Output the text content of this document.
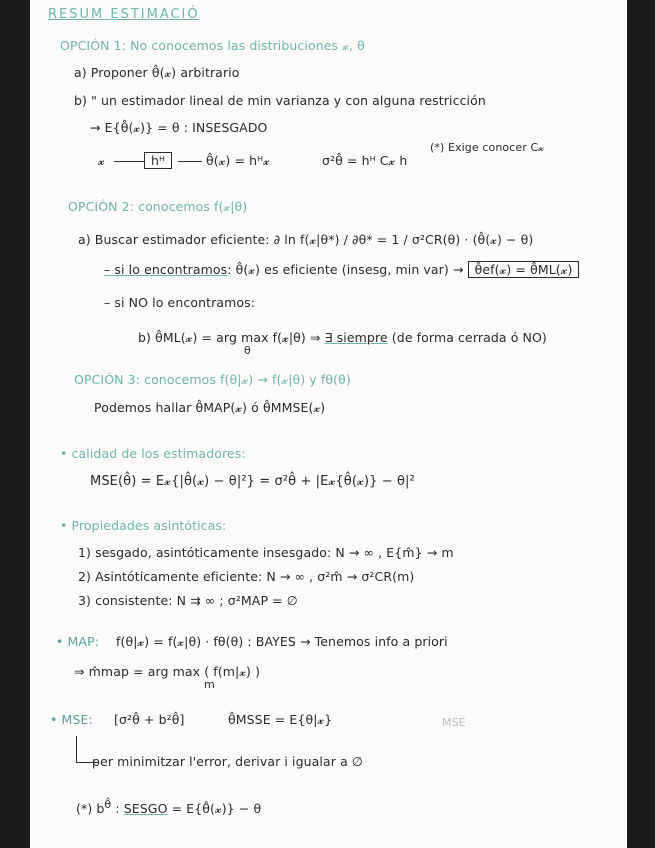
RESUM ESTIMACIÓ
OPCIÓN 1: No conocemos las distribuciones 𝔁, θ
a) Proponer θ̂(𝔁) arbitrario
b) " un estimador lineal de min varianza y con alguna restricción
→ E{θ̂(𝔁)} = θ : INSESGADO
𝔁	hᴴ	θ̂(𝔁) = hᴴ𝔁	σ²θ̂ = hᴴ C𝔁 h
(*) Exige conocer C𝔁
OPCIÓN 2: conocemos f(𝔁|θ)
a) Buscar estimador eficiente: ∂ ln f(𝔁|θ*) / ∂θ* = 1 / σ²CR(θ) · (θ̂(𝔁) − θ)
– si lo encontramos: θ̂(𝔁) es eficiente (insesg, min var) → θ̂ef(𝔁) = θ̂ML(𝔁)
– si NO lo encontramos:
b) θ̂ML(𝔁) = arg max f(𝔁|θ) ⇒ ∃ siempre (de forma cerrada ó NO)
θ
OPCIÓN 3: conocemos f(θ|𝔁) → f(𝔁|θ) y fθ(θ)
Podemos hallar θ̂MAP(𝔁) ó θ̂MMSE(𝔁)
• calidad de los estimadores:
MSE(θ̂) = E𝔁{|θ̂(𝔁) − θ|²} = σ²θ̂ + |E𝔁{θ̂(𝔁)} − θ|²
• Propiedades asintóticas:
1) sesgado, asintóticamente insesgado: N → ∞ , E{m̂} → m
2) Asintóticamente eficiente: N → ∞ , σ²m̂ → σ²CR(m)
3) consistente: N ⇉ ∞ ; σ²MAP = ∅
• MAP: f(θ|𝔁) = f(𝔁|θ) · fθ(θ) : BAYES → Tenemos info a priori
⇒ m̂map = arg max ( f(m|𝔁) )
m
• MSE: [σ²θ̂ + b²θ̂]	θ̂MSSE = E{θ|𝔁}	MSE
per minimitzar l'error, derivar i igualar a ∅
(*) $b^{\thetâ}$ : SESGO = E{θ̂(𝔁)} − θ
